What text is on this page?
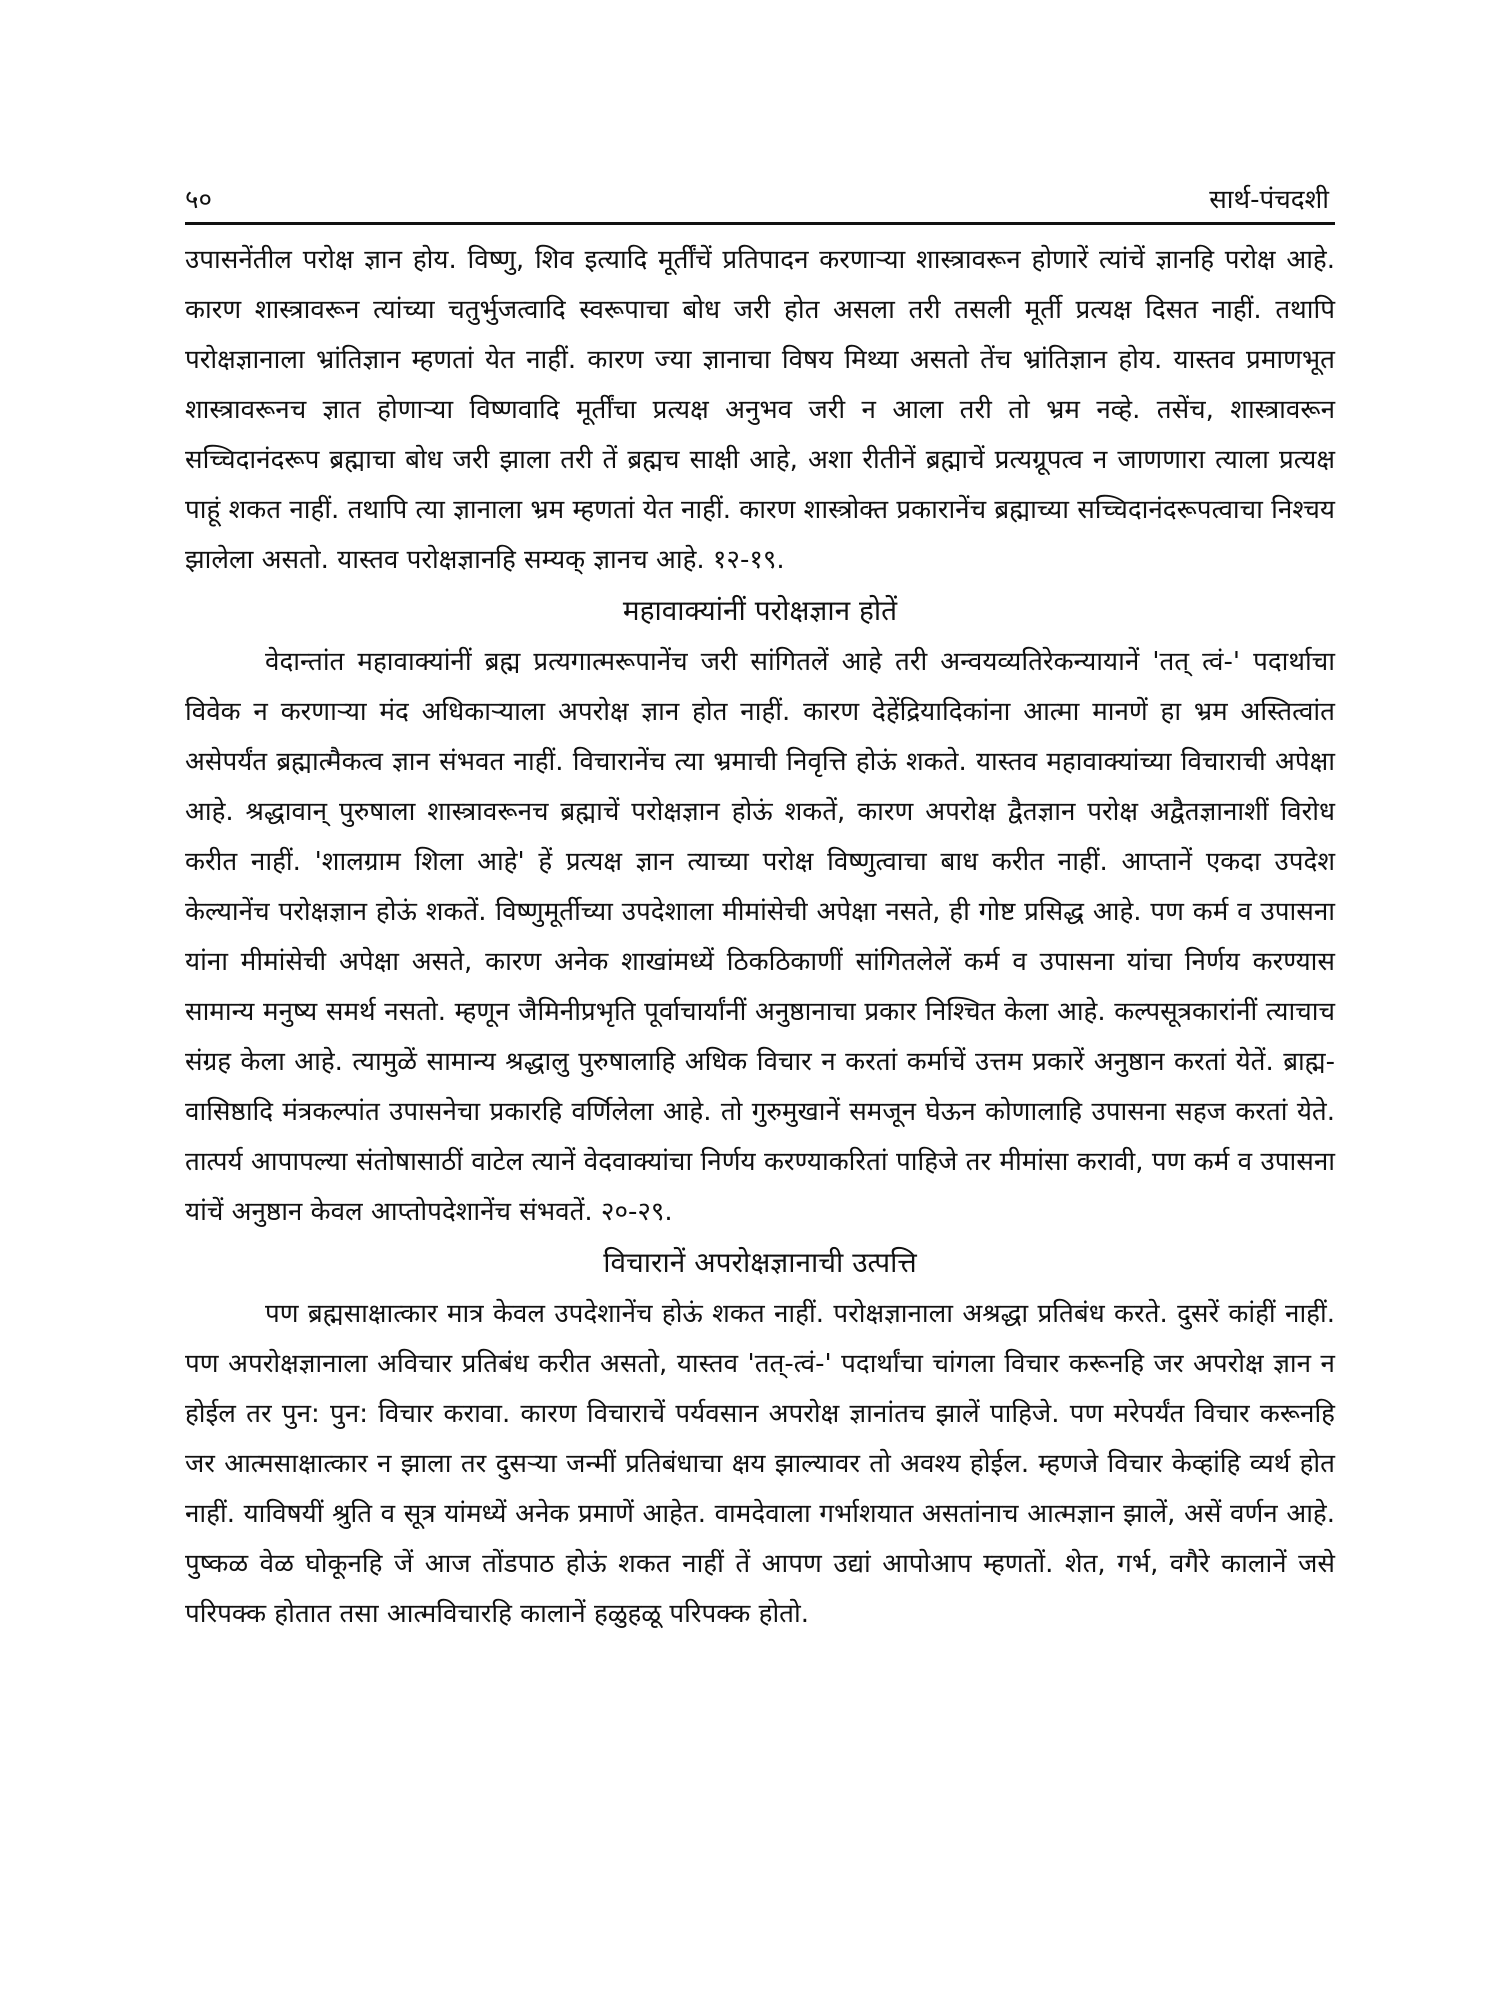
५०	सार्थ-पंचदशी

उपासनेंतील परोक्ष ज्ञान होय. विष्णु, शिव इत्यादि मूर्तींचें प्रतिपादन करणाऱ्या शास्त्रावरून होणारें त्यांचें ज्ञानहि परोक्ष आहे. कारण शास्त्रावरून त्यांच्या चतुर्भुजत्वादि स्वरूपाचा बोध जरी होत असला तरी तसली मूर्ती प्रत्यक्ष दिसत नाहीं. तथापि परोक्षज्ञानाला भ्रांतिज्ञान म्हणतां येत नाहीं. कारण ज्या ज्ञानाचा विषय मिथ्या असतो तेंच भ्रांतिज्ञान होय. यास्तव प्रमाणभूत शास्त्रावरूनच ज्ञात होणाऱ्या विष्णवादि मूर्तींचा प्रत्यक्ष अनुभव जरी न आला तरी तो भ्रम नव्हे. तसेंच, शास्त्रावरून सच्चिदानंदरूप ब्रह्माचा बोध जरी झाला तरी तें ब्रह्मच साक्षी आहे, अशा रीतीनें ब्रह्माचें प्रत्यग्रूपत्व न जाणणारा त्याला प्रत्यक्ष पाहूं शकत नाहीं. तथापि त्या ज्ञानाला भ्रम म्हणतां येत नाहीं. कारण शास्त्रोक्त प्रकारानेंच ब्रह्माच्या सच्चिदानंदरूपत्वाचा निश्चय झालेला असतो. यास्तव परोक्षज्ञानहि सम्यक् ज्ञानच आहे. १२-१९.

महावाक्यांनीं परोक्षज्ञान होतें

वेदान्तांत महावाक्यांनीं ब्रह्म प्रत्यगात्मरूपानेंच जरी सांगितलें आहे तरी अन्वयव्यतिरेकन्यायानें 'तत् त्वं-' पदार्थाचा विवेक न करणाऱ्या मंद अधिकाऱ्याला अपरोक्ष ज्ञान होत नाहीं. कारण देहेंद्रियादिकांना आत्मा मानणें हा भ्रम अस्तित्वांत असेपर्यंत ब्रह्मात्मैकत्व ज्ञान संभवत नाहीं. विचारानेंच त्या भ्रमाची निवृत्ति होऊं शकते. यास्तव महावाक्यांच्या विचाराची अपेक्षा आहे. श्रद्धावान् पुरुषाला शास्त्रावरूनच ब्रह्माचें परोक्षज्ञान होऊं शकतें, कारण अपरोक्ष द्वैतज्ञान परोक्ष अद्वैतज्ञानाशीं विरोध करीत नाहीं. 'शालग्राम शिला आहे' हें प्रत्यक्ष ज्ञान त्याच्या परोक्ष विष्णुत्वाचा बाध करीत नाहीं. आप्तानें एकदा उपदेश केल्यानेंच परोक्षज्ञान होऊं शकतें. विष्णुमूर्तीच्या उपदेशाला मीमांसेची अपेक्षा नसते, ही गोष्ट प्रसिद्ध आहे. पण कर्म व उपासना यांना मीमांसेची अपेक्षा असते, कारण अनेक शाखांमध्यें ठिकठिकाणीं सांगितलेलें कर्म व उपासना यांचा निर्णय करण्यास सामान्य मनुष्य समर्थ नसतो. म्हणून जैमिनीप्रभृति पूर्वाचार्यांनीं अनुष्ठानाचा प्रकार निश्चित केला आहे. कल्पसूत्रकारांनीं त्याचाच संग्रह केला आहे. त्यामुळें सामान्य श्रद्धालु पुरुषालाहि अधिक विचार न करतां कर्माचें उत्तम प्रकारें अनुष्ठान करतां येतें. ब्राह्म-वासिष्ठादि मंत्रकल्पांत उपासनेचा प्रकारहि वर्णिलेला आहे. तो गुरुमुखानें समजून घेऊन कोणालाहि उपासना सहज करतां येते. तात्पर्य आपापल्या संतोषासाठीं वाटेल त्यानें वेदवाक्यांचा निर्णय करण्याकरितां पाहिजे तर मीमांसा करावी, पण कर्म व उपासना यांचें अनुष्ठान केवल आप्तोपदेशानेंच संभवतें. २०-२९.

विचारानें अपरोक्षज्ञानाची उत्पत्ति

पण ब्रह्मसाक्षात्कार मात्र केवल उपदेशानेंच होऊं शकत नाहीं. परोक्षज्ञानाला अश्रद्धा प्रतिबंध करते. दुसरें कांहीं नाहीं. पण अपरोक्षज्ञानाला अविचार प्रतिबंध करीत असतो, यास्तव 'तत्-त्वं-' पदार्थांचा चांगला विचार करूनहि जर अपरोक्ष ज्ञान न होईल तर पुन: पुन: विचार करावा. कारण विचाराचें पर्यवसान अपरोक्ष ज्ञानांतच झालें पाहिजे. पण मरेपर्यंत विचार करूनहि जर आत्मसाक्षात्कार न झाला तर दुसऱ्या जन्मीं प्रतिबंधाचा क्षय झाल्यावर तो अवश्य होईल. म्हणजे विचार केव्हांहि व्यर्थ होत नाहीं. याविषयीं श्रुति व सूत्र यांमध्यें अनेक प्रमाणें आहेत. वामदेवाला गर्भाशयात असतांनाच आत्मज्ञान झालें, असें वर्णन आहे. पुष्कळ वेळ घोकूनहि जें आज तोंडपाठ होऊं शकत नाहीं तें आपण उद्यां आपोआप म्हणतों. शेत, गर्भ, वगैरे कालानें जसे परिपक्क होतात तसा आत्मविचारहि कालानें हळुहळू परिपक्क होतो.
